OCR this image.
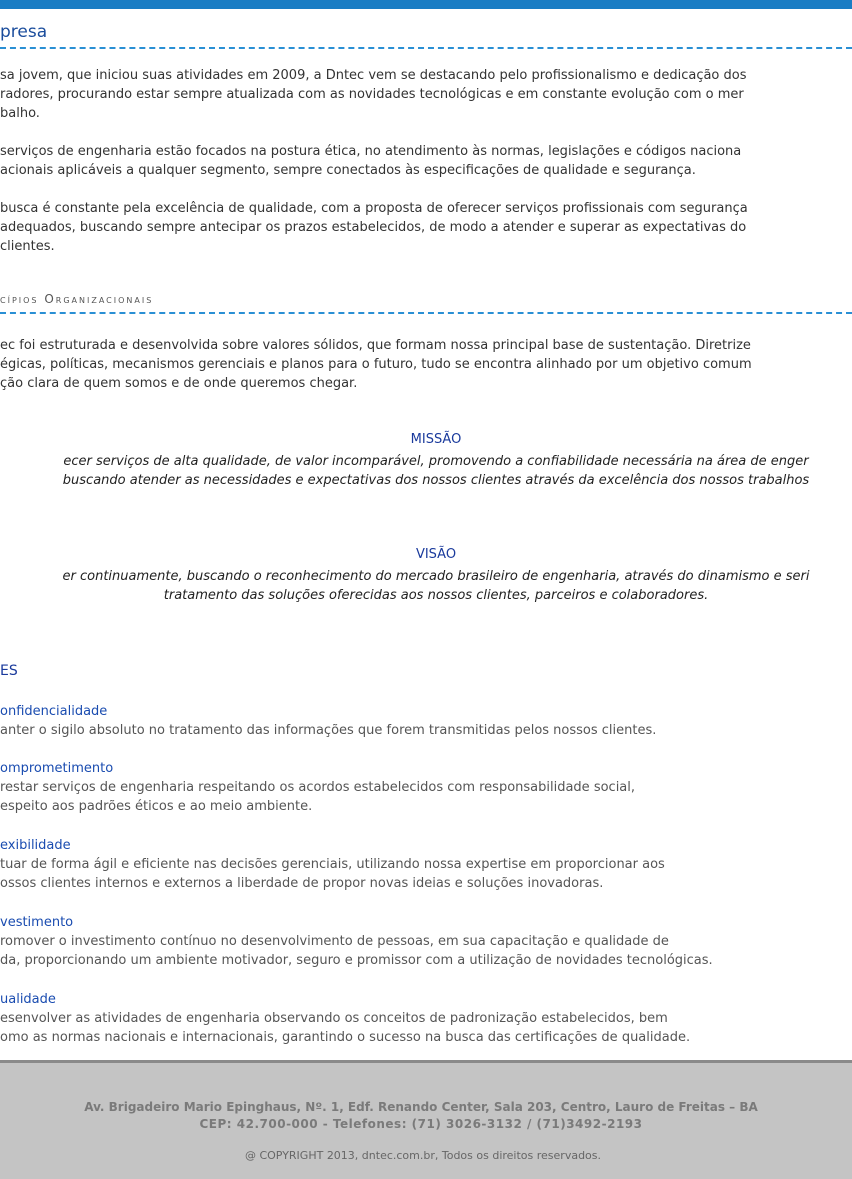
presa

sa jovem, que iniciou suas atividades em 2009, a Dntec vem se destacando pelo profissionalismo e dedicação dos
radores, procurando estar sempre atualizada com as novidades tecnológicas e em constante evolução com o mer
balho.

serviços de engenharia estão focados na postura ética, no atendimento às normas, legislações e códigos naciona
acionais aplicáveis a qualquer segmento, sempre conectados às especificações de qualidade e segurança.

busca é constante pela excelência de qualidade, com a proposta de oferecer serviços profissionais com segurança
adequados, buscando sempre antecipar os prazos estabelecidos, de modo a atender e superar as expectativas do
clientes.

cípios Organizacionais

ec foi estruturada e desenvolvida sobre valores sólidos, que formam nossa principal base de sustentação. Diretrize
égicas, políticas, mecanismos gerenciais e planos para o futuro, tudo se encontra alinhado por um objetivo comum
ção clara de quem somos e de onde queremos chegar.

MISSÃO

ecer serviços de alta qualidade, de valor incomparável, promovendo a confiabilidade necessária na área de enger
buscando atender as necessidades e expectativas dos nossos clientes através da excelência dos nossos trabalhos

VISÃO

er continuamente, buscando o reconhecimento do mercado brasileiro de engenharia, através do dinamismo e seri
tratamento das soluções oferecidas aos nossos clientes, parceiros e colaboradores.

ES
onfidencialidade
anter o sigilo absoluto no tratamento das informações que forem transmitidas pelos nossos clientes.
omprometimento
restar serviços de engenharia respeitando os acordos estabelecidos com responsabilidade social,
espeito aos padrões éticos e ao meio ambiente.
exibilidade
tuar de forma ágil e eficiente nas decisões gerenciais, utilizando nossa expertise em proporcionar aos
ossos clientes internos e externos a liberdade de propor novas ideias e soluções inovadoras.
vestimento
romover o investimento contínuo no desenvolvimento de pessoas, em sua capacitação e qualidade de
da, proporcionando um ambiente motivador, seguro e promissor com a utilização de novidades tecnológicas.
ualidade
esenvolver as atividades de engenharia observando os conceitos de padronização estabelecidos, bem
omo as normas nacionais e internacionais, garantindo o sucesso na busca das certificações de qualidade.
Av. Brigadeiro Mario Epinghaus, Nº. 1, Edf. Renando Center, Sala 203, Centro, Lauro de Freitas – BA
CEP: 42.700-000 - Telefones: (71) 3026-3132 / (71)3492-2193
@ COPYRIGHT 2013, dntec.com.br, Todos os direitos reservados.
